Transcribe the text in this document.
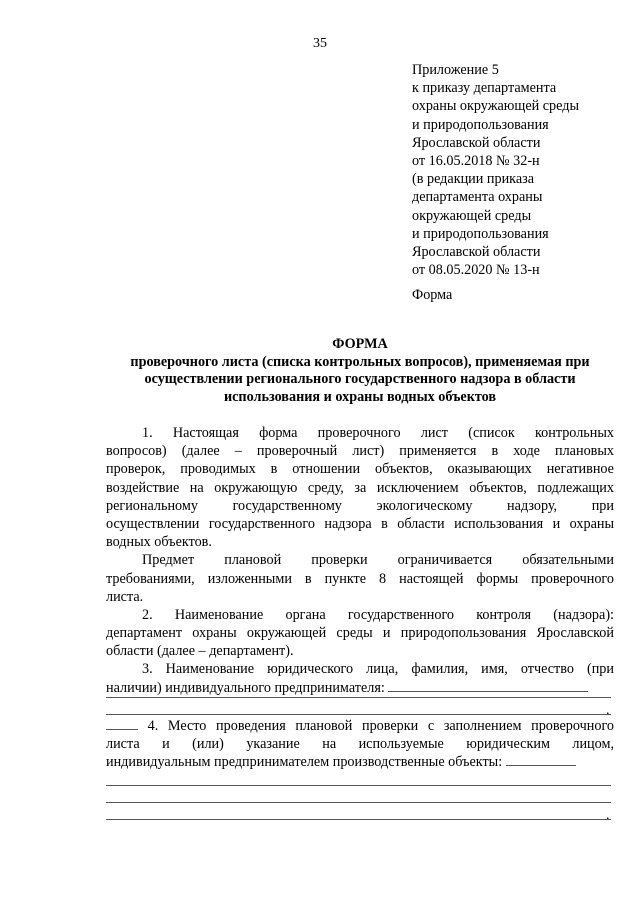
35
Приложение 5
к приказу департамента
охраны окружающей среды
и природопользования
Ярославской области
от 16.05.2018 № 32-н
(в редакции приказа
департамента охраны
окружающей среды
и природопользования
Ярославской области
от 08.05.2020 № 13-н
Форма
ФОРМА
проверочного листа (списка контрольных вопросов), применяемая при
осуществлении регионального государственного надзора в области
использования и охраны водных объектов
1. Настоящая форма проверочного лист (список контрольных
вопросов) (далее – проверочный лист) применяется в ходе плановых
проверок, проводимых в отношении объектов, оказывающих негативное
воздействие на окружающую среду, за исключением объектов, подлежащих
региональному государственному экологическому надзору, при
осуществлении государственного надзора в области использования и охраны
водных объектов.
Предмет плановой проверки ограничивается обязательными
требованиями, изложенными в пункте 8 настоящей формы проверочного
листа.
2. Наименование органа государственного контроля (надзора):
департамент охраны окружающей среды и природопользования Ярославской
области (далее – департамент).
3. Наименование юридического лица, фамилия, имя, отчество (при
наличии) индивидуального предпринимателя:
.
4. Место проведения плановой проверки с заполнением проверочного
листа и (или) указание на используемые юридическим лицом,
индивидуальным предпринимателем производственные объекты:
.
